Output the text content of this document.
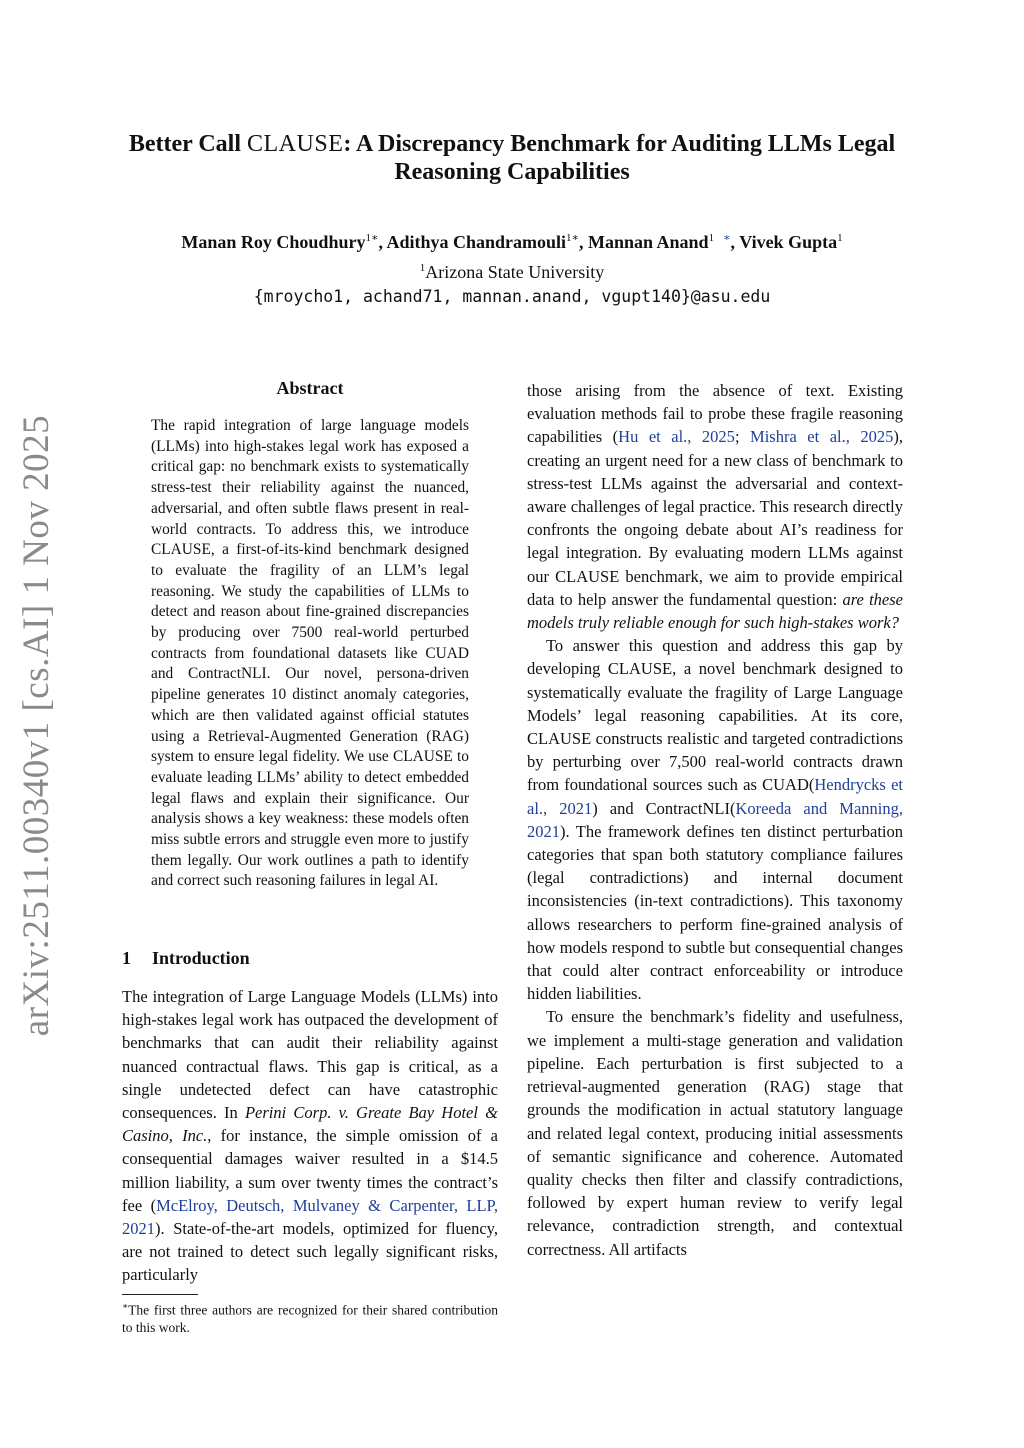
arXiv:2511.00340v1 [cs.AI] 1 Nov 2025
Better Call CLAUSE: A Discrepancy Benchmark for Auditing LLMs Legal
Reasoning Capabilities
Manan Roy Choudhury$^{1∗}$, Adithya Chandramouli$^{1∗}$, Mannan Anand$^1$ ∗, Vivek Gupta$^1$
$^1$Arizona State University
{mroycho1, achand71, mannan.anand, vgupt140}@asu.edu
Abstract
The rapid integration of large language models (LLMs) into high-stakes legal work has exposed a critical gap: no benchmark exists to systematically stress-test their reliability against the nuanced, adversarial, and often subtle flaws present in real-world contracts. To address this, we introduce CLAUSE, a first-of-its-kind benchmark designed to evaluate the fragility of an LLM’s legal reasoning. We study the capabilities of LLMs to detect and reason about fine-grained discrepancies by producing over 7500 real-world perturbed contracts from foundational datasets like CUAD and ContractNLI. Our novel, persona-driven pipeline generates 10 distinct anomaly categories, which are then validated against official statutes using a Retrieval-Augmented Generation (RAG) system to ensure legal fidelity. We use CLAUSE to evaluate leading LLMs’ ability to detect embedded legal flaws and explain their significance. Our analysis shows a key weakness: these models often miss subtle errors and struggle even more to justify them legally. Our work outlines a path to identify and correct such reasoning failures in legal AI.
1 Introduction

The integration of Large Language Models (LLMs) into high-stakes legal work has outpaced the development of benchmarks that can audit their reliability against nuanced contractual flaws. This gap is critical, as a single undetected defect can have catastrophic consequences. In Perini Corp. v. Greate Bay Hotel & Casino, Inc., for instance, the simple omission of a consequential damages waiver resulted in a $14.5 million liability, a sum over twenty times the contract’s fee (McElroy, Deutsch, Mulvaney & Carpenter, LLP, 2021). State-of-the-art models, optimized for fluency, are not trained to detect such legally significant risks, particularly

those arising from the absence of text. Existing evaluation methods fail to probe these fragile reasoning capabilities (Hu et al., 2025; Mishra et al., 2025), creating an urgent need for a new class of benchmark to stress-test LLMs against the adversarial and context-aware challenges of legal practice. This research directly confronts the ongoing debate about AI’s readiness for legal integration. By evaluating modern LLMs against our CLAUSE benchmark, we aim to provide empirical data to help answer the fundamental question: are these models truly reliable enough for such high-stakes work?

To answer this question and address this gap by developing CLAUSE, a novel benchmark designed to systematically evaluate the fragility of Large Language Models’ legal reasoning capabilities. At its core, CLAUSE constructs realistic and targeted contradictions by perturbing over 7,500 real-world contracts drawn from foundational sources such as CUAD(Hendrycks et al., 2021) and ContractNLI(Koreeda and Manning, 2021). The framework defines ten distinct perturbation categories that span both statutory compliance failures (legal contradictions) and internal document inconsistencies (in-text contradictions). This taxonomy allows researchers to perform fine-grained analysis of how models respond to subtle but consequential changes that could alter contract enforceability or introduce hidden liabilities.

To ensure the benchmark’s fidelity and usefulness, we implement a multi-stage generation and validation pipeline. Each perturbation is first subjected to a retrieval-augmented generation (RAG) stage that grounds the modification in actual statutory language and related legal context, producing initial assessments of semantic significance and coherence. Automated quality checks then filter and classify contradictions, followed by expert human review to verify legal relevance, contradiction strength, and contextual correctness. All artifacts

∗The first three authors are recognized for their shared contribution to this work.
